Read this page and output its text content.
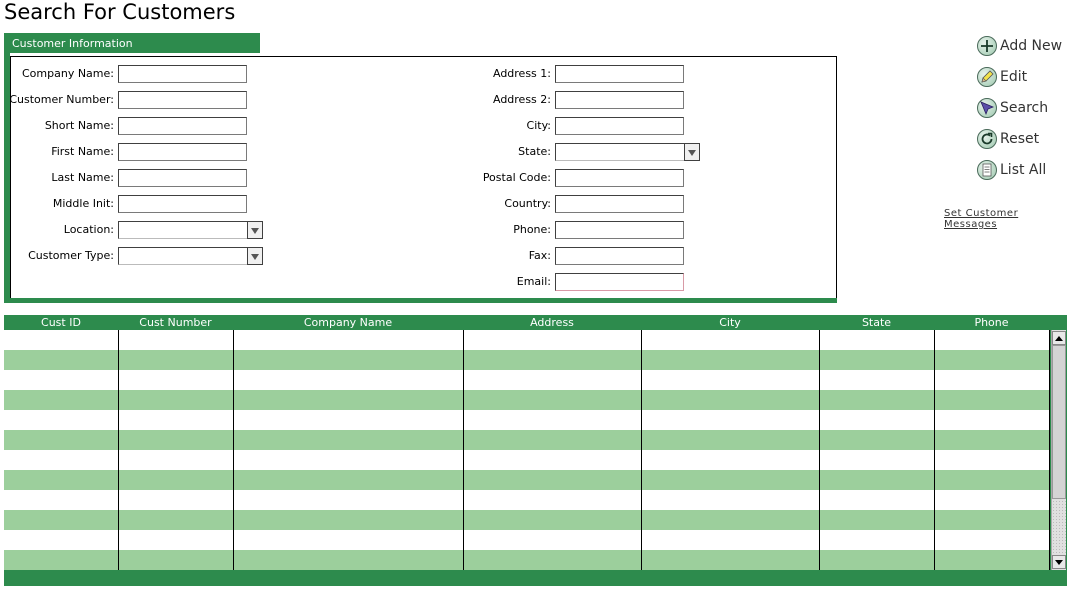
Search For Customers
Customer Information
Company Name:
Customer Number:
Short Name:
First Name:
Last Name:
Middle Init:
Location:
Customer Type:
Address 1:
Address 2:
City:
State:
Postal Code:
Country:
Phone:
Fax:
Email:
Add New
Edit
Search
Reset
List All
Set Customer Messages
Cust ID	Cust Number	Company Name	Address	City	State	Phone
